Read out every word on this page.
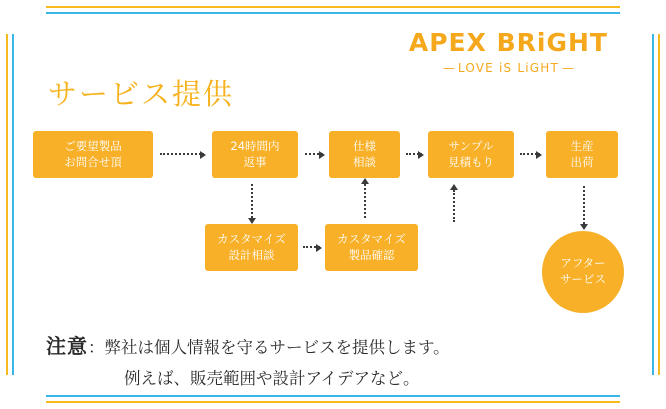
APEX BRiGHT
— LOVE iS LiGHT —
サービス提供
ご要望製品
お問合せ頂
24時間内
返事
仕様
相談
サンプル
見積もり
生産
出荷
カスタマイズ
設計相談
カスタマイズ
製品確認
アフター
サービス
注意：弊社は個人情報を守るサービスを提供します。
例えば、販売範囲や設計アイデアなど。
